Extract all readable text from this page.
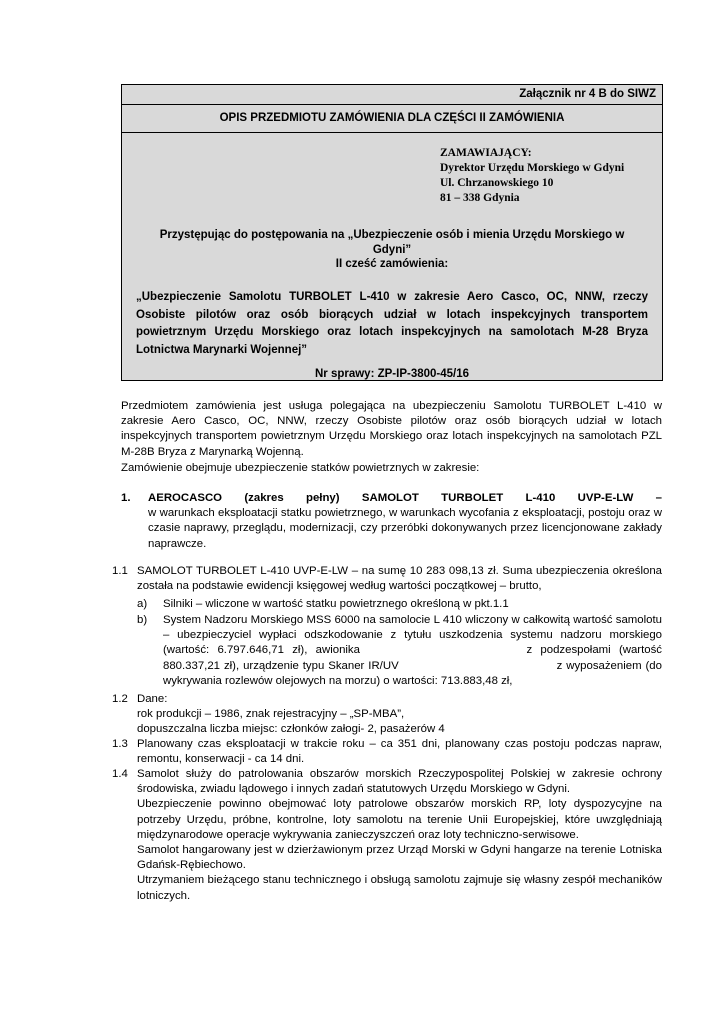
Załącznik nr 4 B do SIWZ
OPIS PRZEDMIOTU ZAMÓWIENIA DLA CZĘŚCI II ZAMÓWIENIA
ZAMAWIAJĄCY:
Dyrektor Urzędu Morskiego w Gdyni
Ul. Chrzanowskiego 10
81 – 338 Gdynia
Przystępując do postępowania na „Ubezpieczenie osób i mienia Urzędu Morskiego w
Gdyni”
II cześć zamówienia:
„Ubezpieczenie Samolotu TURBOLET L-410 w zakresie Aero Casco, OC, NNW, rzeczy Osobiste pilotów oraz osób biorących udział w lotach inspekcyjnych transportem powietrznym Urzędu Morskiego oraz lotach inspekcyjnych na samolotach M-28 Bryza Lotnictwa Marynarki Wojennej”
Nr sprawy: ZP-IP-3800-45/16
Przedmiotem zamówienia jest usługa polegająca na ubezpieczeniu Samolotu TURBOLET L-410 w zakresie Aero Casco, OC, NNW, rzeczy Osobiste pilotów oraz osób biorących udział w lotach inspekcyjnych transportem powietrznym Urzędu Morskiego oraz lotach inspekcyjnych na samolotach PZL M-28B Bryza z Marynarką Wojenną.
Zamówienie obejmuje ubezpieczenie statków powietrznych w zakresie:
1. AEROCASCO (zakres pełny) SAMOLOT TURBOLET L-410 UVP-E-LW –
w warunkach eksploatacji statku powietrznego, w warunkach wycofania z eksploatacji, postoju oraz w czasie naprawy, przeglądu, modernizacji, czy przeróbki dokonywanych przez licencjonowane zakłady naprawcze.
1.1 SAMOLOT TURBOLET L-410 UVP-E-LW – na sumę 10 283 098,13 zł. Suma ubezpieczenia określona została na podstawie ewidencji księgowej według wartości początkowej – brutto,
a) Silniki – wliczone w wartość statku powietrznego określoną w pkt.1.1
b) System Nadzoru Morskiego MSS 6000 na samolocie L 410 wliczony w całkowitą wartość samolotu – ubezpieczyciel wypłaci odszkodowanie z tytułu uszkodzenia systemu nadzoru morskiego (wartość: 6.797.646,71 zł), awionika	z podzespołami (wartość 880.337,21 zł), urządzenie typu Skaner IR/UV	z wyposażeniem (do wykrywania rozlewów olejowych na morzu) o wartości: 713.883,48 zł,
1.2 Dane:
rok produkcji – 1986, znak rejestracyjny – „SP-MBA”,
dopuszczalna liczba miejsc: członków załogi- 2, pasażerów 4
1.3 Planowany czas eksploatacji w trakcie roku – ca 351 dni, planowany czas postoju podczas napraw, remontu, konserwacji - ca 14 dni.
1.4 Samolot służy do patrolowania obszarów morskich Rzeczypospolitej Polskiej w zakresie ochrony środowiska, zwiadu lądowego i innych zadań statutowych Urzędu Morskiego w Gdyni.
Ubezpieczenie powinno obejmować loty patrolowe obszarów morskich RP, loty dyspozycyjne na potrzeby Urzędu, próbne, kontrolne, loty samolotu na terenie Unii Europejskiej, które uwzględniają międzynarodowe operacje wykrywania zanieczyszczeń oraz loty techniczno-serwisowe.
Samolot hangarowany jest w dzierżawionym przez Urząd Morski w Gdyni hangarze na terenie Lotniska Gdańsk-Rębiechowo.
Utrzymaniem bieżącego stanu technicznego i obsługą samolotu zajmuje się własny zespół mechaników lotniczych.
